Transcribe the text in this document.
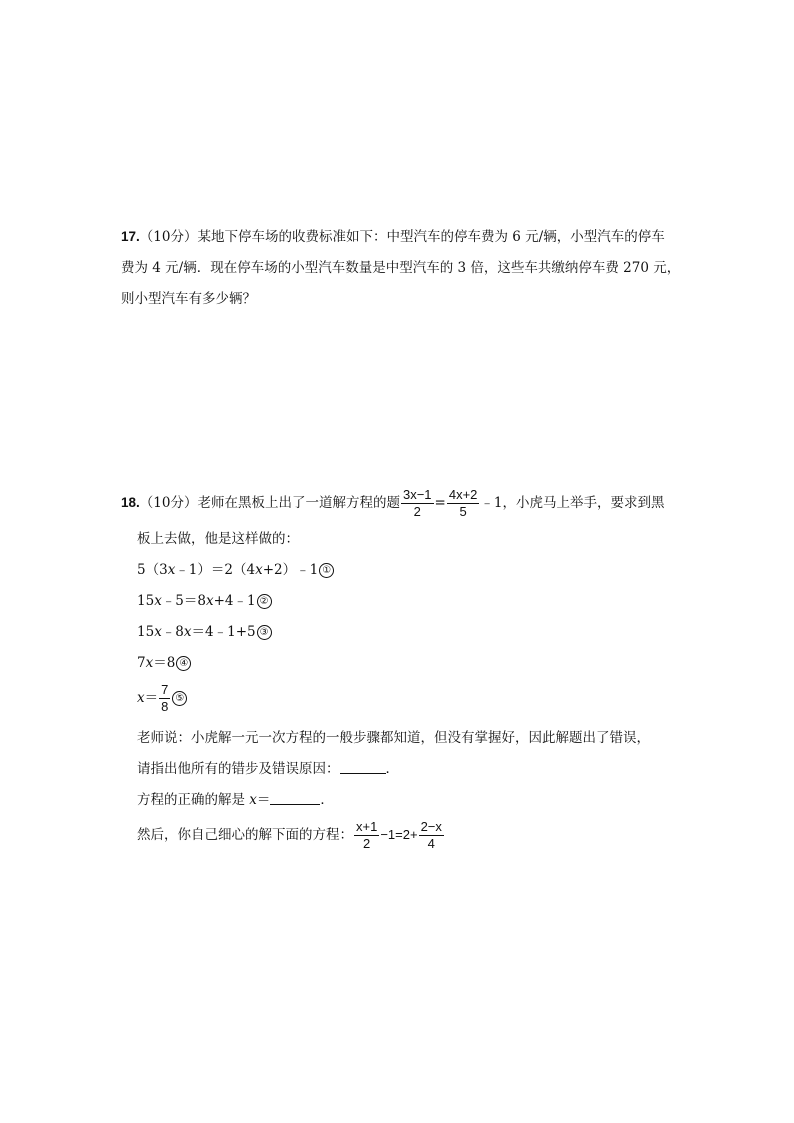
17.（10分）某地下停车场的收费标准如下：中型汽车的停车费为 6 元/辆，小型汽车的停车
费为 4 元/辆．现在停车场的小型汽车数量是中型汽车的 3 倍，这些车共缴纳停车费 270 元，
则小型汽车有多少辆？
18.（10分）老师在黑板上出了一道解方程的题 $\frac{3x-1}{2} = \frac{4x+2}{5}$ ﹣1，小虎马上举手，要求到黑
板上去做，他是这样做的：
5（3x﹣1）＝2（4x+2）﹣1 ①
15x﹣5＝8x+4﹣1 ②
15x﹣8x＝4﹣1+5 ③
7x＝8 ④
$x= \frac{7}{8}$ ⑤
老师说：小虎解一元一次方程的一般步骤都知道，但没有掌握好，因此解题出了错误，
请指出他所有的错步及错误原因：	．
方程的正确的解是 x＝	．
然后，你自己细心的解下面的方程： $\frac{x+1}{2} -1=2+ \frac{2-x}{4}$
